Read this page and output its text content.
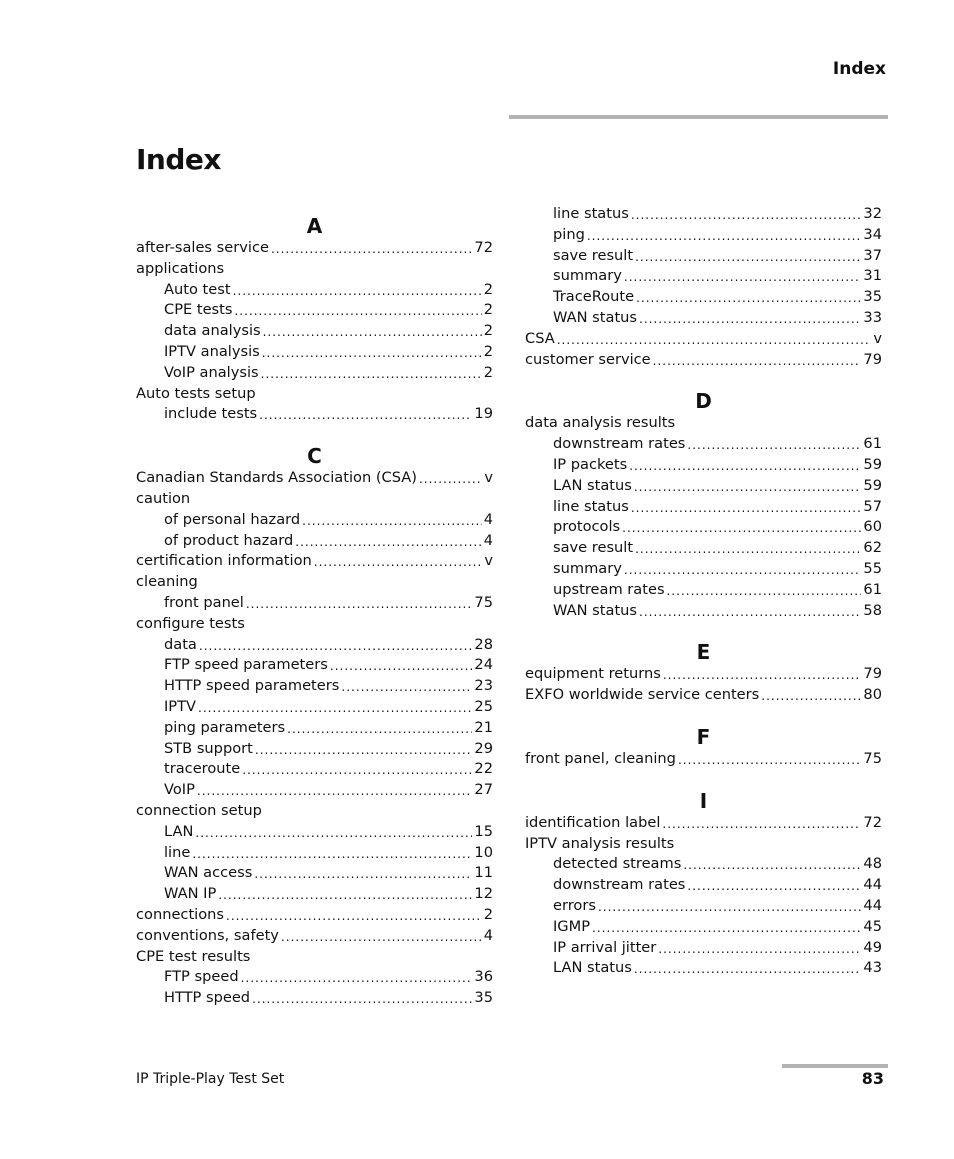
Index
Index
A
after-sales service .....	72
applications
Auto test .....	2
CPE tests .....	2
data analysis .....	2
IPTV analysis .....	2
VoIP analysis .....	2
Auto tests setup
include tests .....	19
C
Canadian Standards Association (CSA) .....	v
caution
of personal hazard .....	4
of product hazard .....	4
certification information .....	v
cleaning
front panel .....	75
configure tests
data .....	28
FTP speed parameters .....	24
HTTP speed parameters .....	23
IPTV .....	25
ping parameters .....	21
STB support .....	29
traceroute .....	22
VoIP .....	27
connection setup
LAN .....	15
line .....	10
WAN access .....	11
WAN IP .....	12
connections .....	2
conventions, safety .....	4
CPE test results
FTP speed .....	36
HTTP speed .....	35
line status .....	32
ping .....	34
save result .....	37
summary .....	31
TraceRoute .....	35
WAN status .....	33
CSA .....	v
customer service .....	79
D
data analysis results
downstream rates .....	61
IP packets .....	59
LAN status .....	59
line status .....	57
protocols .....	60
save result .....	62
summary .....	55
upstream rates .....	61
WAN status .....	58
E
equipment returns .....	79
EXFO worldwide service centers .....	80
F
front panel, cleaning .....	75
I
identification label .....	72
IPTV analysis results
detected streams .....	48
downstream rates .....	44
errors .....	44
IGMP .....	45
IP arrival jitter .....	49
LAN status .....	43
IP Triple-Play Test Set	83
